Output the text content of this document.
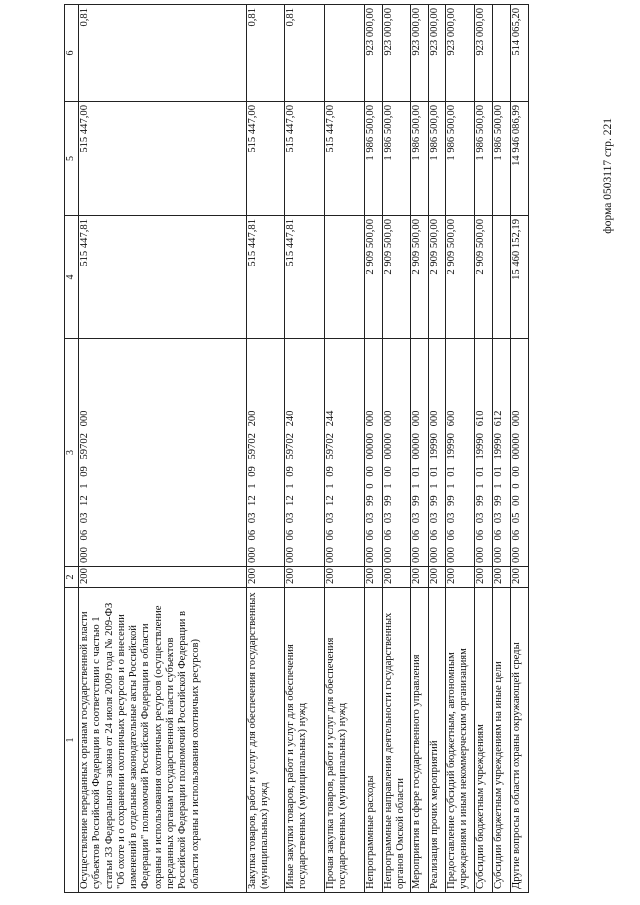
форма 0503117 стр. 221
1	2	3	4	5	6
Осуществление переданных органам государственной власти субъектов Российской Федерации в соответствии с частью 1 статьи 33 Федерального закона от 24 июля 2009 года № 209-ФЗ "Об охоте и о сохранении охотничьих ресурсов и о внесении изменений в отдельные законодательные акты Российской Федерации" полномочий Российской Федерации в области охраны и использования охотничьих ресурсов (осуществление переданных органам государственной власти субъектов Российской Федерации полномочий Российской Федерации в области охраны и использования охотничьих ресурсов)	200	000 06 03 12 1 09 59702 000	515 447,81	515 447,00	0,81
Закупка товаров, работ и услуг для обеспечения государственных (муниципальных) нужд	200	000 06 03 12 1 09 59702 200	515 447,81	515 447,00	0,81
Иные закупки товаров, работ и услуг для обеспечения государственных (муниципальных) нужд	200	000 06 03 12 1 09 59702 240	515 447,81	515 447,00	0,81
Прочая закупка товаров, работ и услуг для обеспечения государственных (муниципальных) нужд	200	000 06 03 12 1 09 59702 244		515 447,00	
Непрограммные расходы	200	000 06 03 99 0 00 00000 000	2 909 500,00	1 986 500,00	923 000,00
Непрограммные направления деятельности государственных органов Омской области	200	000 06 03 99 1 00 00000 000	2 909 500,00	1 986 500,00	923 000,00
Мероприятия в сфере государственного управления	200	000 06 03 99 1 01 00000 000	2 909 500,00	1 986 500,00	923 000,00
Реализация прочих мероприятий	200	000 06 03 99 1 01 19990 000	2 909 500,00	1 986 500,00	923 000,00
Предоставление субсидий бюджетным, автономным учреждениям и иным некоммерческим организациям	200	000 06 03 99 1 01 19990 600	2 909 500,00	1 986 500,00	923 000,00
Субсидии бюджетным учреждениям	200	000 06 03 99 1 01 19990 610	2 909 500,00	1 986 500,00	923 000,00
Субсидии бюджетным учреждениям на иные цели	200	000 06 03 99 1 01 19990 612		1 986 500,00	
Другие вопросы в области охраны окружающей среды	200	000 06 05 00 0 00 00000 000	15 460 152,19	14 946 086,99	514 065,20
